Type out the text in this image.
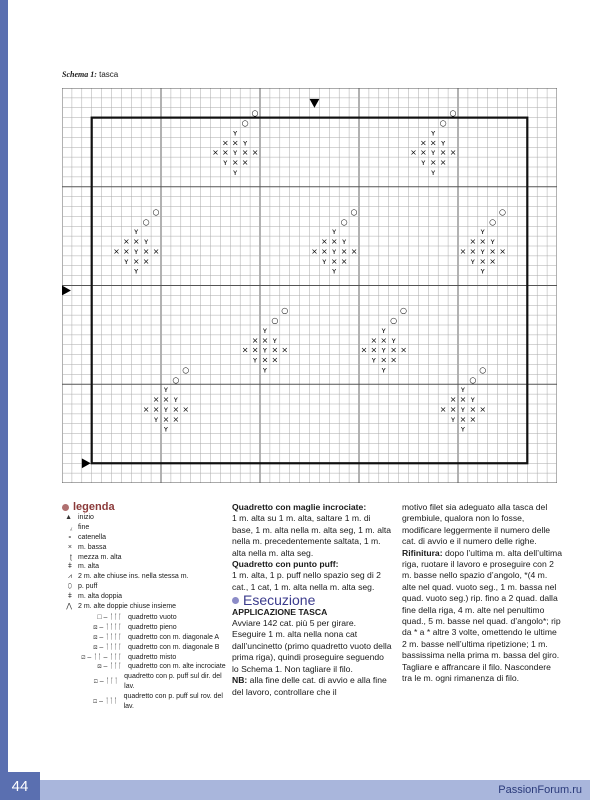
Schema 1: tasca
ʏ
× × ʏ
× × ʏ × ×
ʏ × ×
ʏ
○
○
ʏ
× × ʏ
× × ʏ × ×
ʏ × ×
ʏ
○
○
ʏ
× × ʏ
× × ʏ × ×
ʏ × ×
ʏ
○
○
ʏ
× × ʏ
× × ʏ × ×
ʏ × ×
ʏ
○
○
ʏ
× × ʏ
× × ʏ × ×
ʏ × ×
ʏ
○
○
ʏ
× × ʏ
× × ʏ × ×
ʏ × ×
ʏ
○
○
ʏ
× × ʏ
× × ʏ × ×
ʏ × ×
ʏ
○
○
ʏ
× × ʏ
× × ʏ × ×
ʏ × ×
ʏ
○
○
ʏ
× × ʏ
× × ʏ × ×
ʏ × ×
ʏ
○
○
legenda
▲ inizio
⁁ fine
∘ catenella
× m. bassa
ʈ mezza m. alta
ǂ m. alta
⩘ 2 m. alte chiuse ins. nella stessa m.
⬯ p. puff
ǂ m. alta doppia
⋀ 2 m. alte doppie chiuse insieme
□ – ᛙᛙᛙ quadretto vuoto
⊠ – ᛙᛙᛙᛙ quadretto pieno
⊠ – ᛙᛙᛙᛙ quadretto con m. diagonale A
⊠ – ᛙᛙᛙᛙ quadretto con m. diagonale B
⧄ – ᛙᛙ – ᛙᛙᛙ quadretto misto
⊠ – ᛙᛙᛙ quadretto con m. alte incrociate
⊡ – ᛙᛙᛙ
quadretto con p. puff sul dir. del lav.
⊡ – ᛙᛙᛙ
quadretto con p. puff sul rov. del lav.

Quadretto con maglie incrociate:

1 m. alta su 1 m. alta, saltare 1 m. di base, 1 m. alta nella m. alta seg, 1 m. alta nella m. precedentemente saltata, 1 m. alta nella m. alta seg.

Quadretto con punto puff:

1 m. alta, 1 p. puff nello spazio seg di 2 cat., 1 cat, 1 m. alta nella m. alta seg.

Esecuzione

APPLICAZIONE TASCA

Avviare 142 cat. più 5 per girare. Eseguire 1 m. alta nella nona cat dall’uncinetto (primo quadretto vuoto della prima riga), quindi proseguire seguendo lo Schema 1. Non tagliare il filo.

NB: alla fine delle cat. di avvio e alla fine del lavoro, controllare che il

motivo filet sia adeguato alla tasca del grembiule, qualora non lo fosse, modificare leggermente il numero delle cat. di avvio e il numero delle righe.

Rifinitura: dopo l’ultima m. alta dell’ultima riga, ruotare il lavoro e proseguire con 2 m. basse nello spazio d’angolo, *(4 m. alte nel quad. vuoto seg., 1 m. bassa nel quad. vuoto seg.) rip. fino a 2 quad. dalla fine della riga, 4 m. alte nel penultimo quad., 5 m. basse nel quad. d’angolo*; rip da * a * altre 3 volte, omettendo le ultime 2 m. basse nell’ultima ripetizione; 1 m. bassissima nella prima m. bassa del giro. Tagliare e affrancare il filo. Nascondere tra le m. ogni rimanenza di filo.

44	PassionForum.ru
